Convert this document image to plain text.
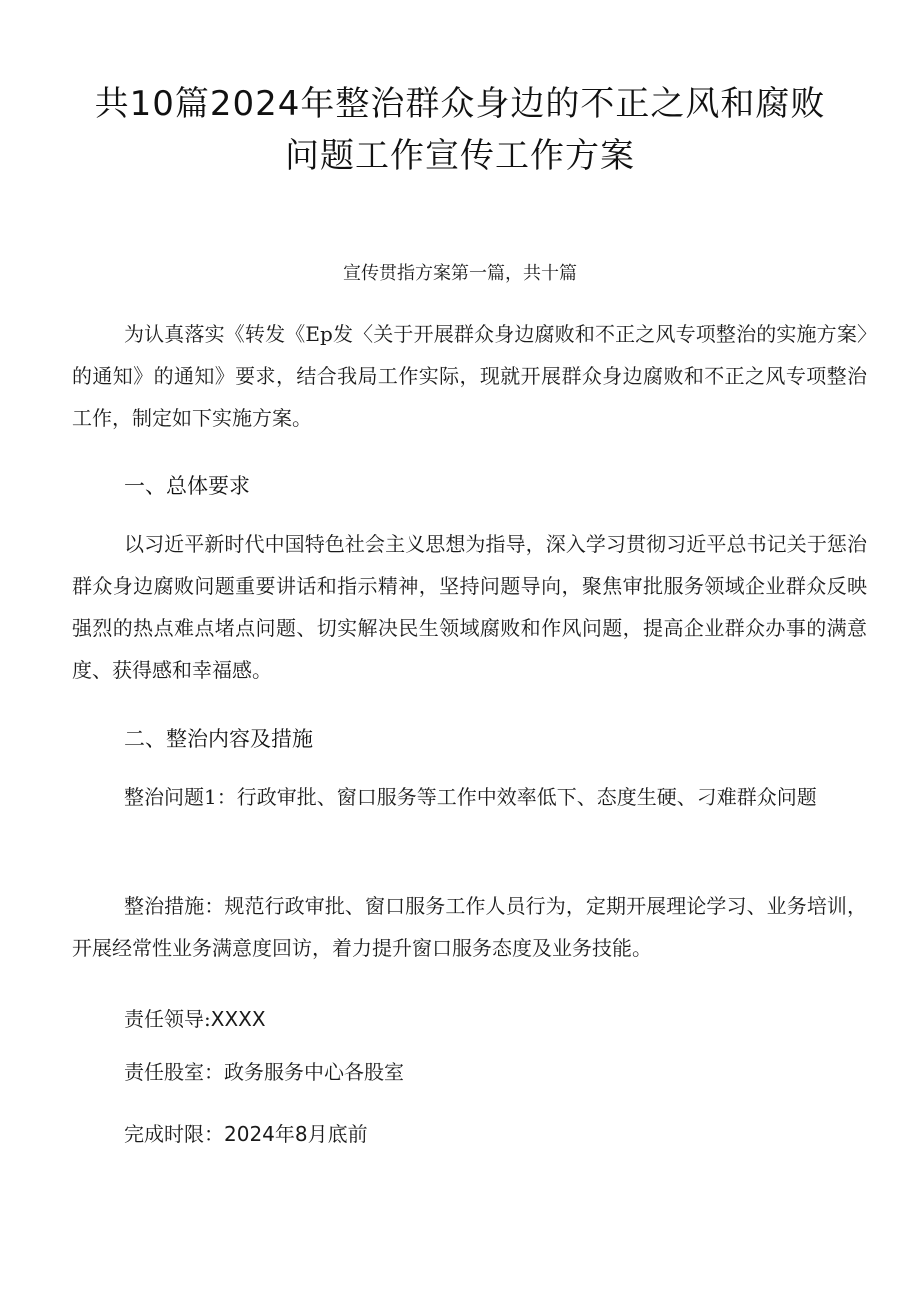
共10篇2024年整治群众身边的不正之风和腐败问题工作宣传工作方案
宣传贯指方案第一篇，共十篇

为认真落实《转发《Ep发〈关于开展群众身边腐败和不正之风专项整治的实施方案〉的通知》的通知》要求，结合我局工作实际，现就开展群众身边腐败和不正之风专项整治工作，制定如下实施方案。

一、总体要求

以习近平新时代中国特色社会主义思想为指导，深入学习贯彻习近平总书记关于惩治群众身边腐败问题重要讲话和指示精神，坚持问题导向，聚焦审批服务领域企业群众反映强烈的热点难点堵点问题、切实解决民生领域腐败和作风问题，提高企业群众办事的满意度、获得感和幸福感。

二、整治内容及措施

整治问题1：行政审批、窗口服务等工作中效率低下、态度生硬、刁难群众问题

整治措施：规范行政审批、窗口服务工作人员行为，定期开展理论学习、业务培训，开展经常性业务满意度回访，着力提升窗口服务态度及业务技能。

责任领导:XXXX

责任股室：政务服务中心各股室

完成时限：2024年8月底前
